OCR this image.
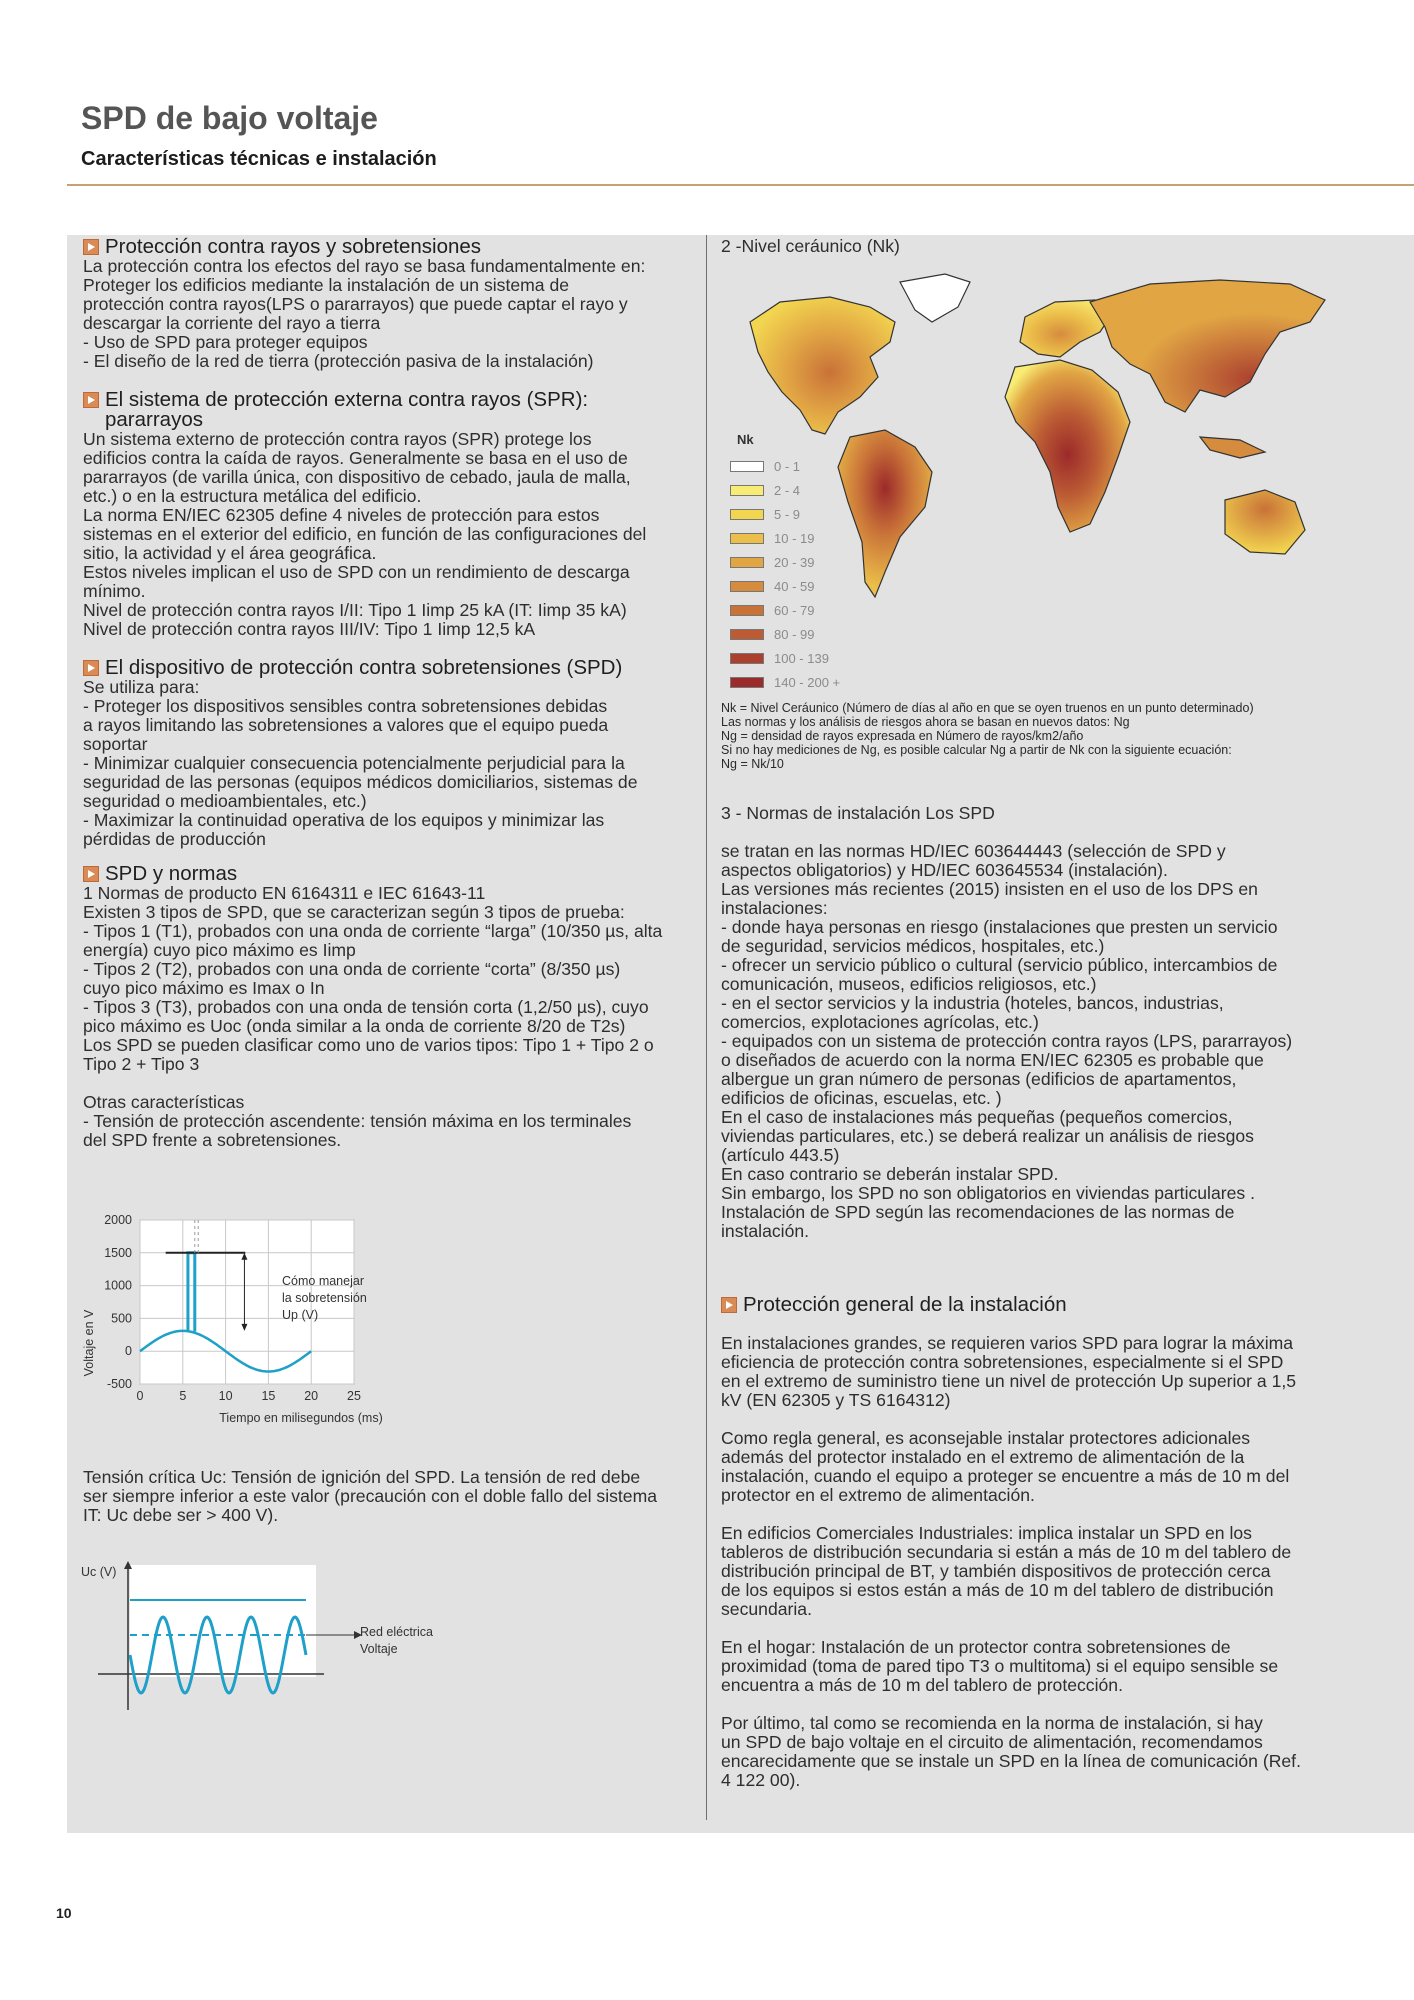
SPD de bajo voltaje
Características técnicas e instalación
Protección contra rayos y sobretensiones
La protección contra los efectos del rayo se basa fundamentalmente en:
Proteger los edificios mediante la instalación de un sistema de
protección contra rayos(LPS o pararrayos) que puede captar el rayo y
descargar la corriente del rayo a tierra
- Uso de SPD para proteger equipos
- El diseño de la red de tierra (protección pasiva de la instalación)
El sistema de protección externa contra rayos (SPR):
pararrayos
Un sistema externo de protección contra rayos (SPR) protege los
edificios contra la caída de rayos. Generalmente se basa en el uso de
pararrayos (de varilla única, con dispositivo de cebado, jaula de malla,
etc.) o en la estructura metálica del edificio.
La norma EN/IEC 62305 define 4 niveles de protección para estos
sistemas en el exterior del edificio, en función de las configuraciones del
sitio, la actividad y el área geográfica.
Estos niveles implican el uso de SPD con un rendimiento de descarga
mínimo.
Nivel de protección contra rayos I/II: Tipo 1 Iimp 25 kA (IT: Iimp 35 kA)
Nivel de protección contra rayos III/IV: Tipo 1 Iimp 12,5 kA
El dispositivo de protección contra sobretensiones (SPD)
Se utiliza para:
- Proteger los dispositivos sensibles contra sobretensiones debidas
a rayos limitando las sobretensiones a valores que el equipo pueda
soportar
- Minimizar cualquier consecuencia potencialmente perjudicial para la
seguridad de las personas (equipos médicos domiciliarios, sistemas de
seguridad o medioambientales, etc.)
- Maximizar la continuidad operativa de los equipos y minimizar las
pérdidas de producción
SPD y normas
1 Normas de producto EN 6164311 e IEC 61643-11
Existen 3 tipos de SPD, que se caracterizan según 3 tipos de prueba:
- Tipos 1 (T1), probados con una onda de corriente “larga” (10/350 µs, alta
energía) cuyo pico máximo es Iimp
- Tipos 2 (T2), probados con una onda de corriente “corta” (8/350 µs)
cuyo pico máximo es Imax o In
- Tipos 3 (T3), probados con una onda de tensión corta (1,2/50 µs), cuyo
pico máximo es Uoc (onda similar a la onda de corriente 8/20 de T2s)
Los SPD se pueden clasificar como uno de varios tipos: Tipo 1 + Tipo 2 o
Tipo 2 + Tipo 3
Otras características
- Tensión de protección ascendente: tensión máxima en los terminales
del SPD frente a sobretensiones.
0	5	10 15 20 25
2000
1500
1000
500
0
-500
Voltaje en V
Tiempo en milisegundos (ms)
Cómo manejar la sobretensión Up (V)
Tensión crítica Uc: Tensión de ignición del SPD. La tensión de red debe
ser siempre inferior a este valor (precaución con el doble fallo del sistema
IT: Uc debe ser > 400 V).
Uc (V)
Red eléctrica Voltaje
2 -Nivel ceráunico (Nk)
Nk
0 - 1
2 - 4
5 - 9
10 - 19
20 - 39
40 - 59
60 - 79
80 - 99
100 - 139
140 - 200 +
Nk = Nivel Ceráunico (Número de días al año en que se oyen truenos en un punto determinado)
Las normas y los análisis de riesgos ahora se basan en nuevos datos: Ng
Ng = densidad de rayos expresada en Número de rayos/km2/año
Si no hay mediciones de Ng, es posible calcular Ng a partir de Nk con la siguiente ecuación:
Ng = Nk/10
3 - Normas de instalación Los SPD
se tratan en las normas HD/IEC 603644443 (selección de SPD y
aspectos obligatorios) y HD/IEC 603645534 (instalación).
Las versiones más recientes (2015) insisten en el uso de los DPS en
instalaciones:
- donde haya personas en riesgo (instalaciones que presten un servicio
de seguridad, servicios médicos, hospitales, etc.)
- ofrecer un servicio público o cultural (servicio público, intercambios de
comunicación, museos, edificios religiosos, etc.)
- en el sector servicios y la industria (hoteles, bancos, industrias,
comercios, explotaciones agrícolas, etc.)
- equipados con un sistema de protección contra rayos (LPS, pararrayos)
o diseñados de acuerdo con la norma EN/IEC 62305 es probable que
albergue un gran número de personas (edificios de apartamentos,
edificios de oficinas, escuelas, etc. )
En el caso de instalaciones más pequeñas (pequeños comercios,
viviendas particulares, etc.) se deberá realizar un análisis de riesgos
(artículo 443.5)
En caso contrario se deberán instalar SPD.
Sin embargo, los SPD no son obligatorios en viviendas particulares .
Instalación de SPD según las recomendaciones de las normas de
instalación.
Protección general de la instalación
En instalaciones grandes, se requieren varios SPD para lograr la máxima
eficiencia de protección contra sobretensiones, especialmente si el SPD
en el extremo de suministro tiene un nivel de protección Up superior a 1,5
kV (EN 62305 y TS 6164312)
Como regla general, es aconsejable instalar protectores adicionales
además del protector instalado en el extremo de alimentación de la
instalación, cuando el equipo a proteger se encuentre a más de 10 m del
protector en el extremo de alimentación.
En edificios Comerciales Industriales: implica instalar un SPD en los
tableros de distribución secundaria si están a más de 10 m del tablero de
distribución principal de BT, y también dispositivos de protección cerca
de los equipos si estos están a más de 10 m del tablero de distribución
secundaria.
En el hogar: Instalación de un protector contra sobretensiones de
proximidad (toma de pared tipo T3 o multitoma) si el equipo sensible se
encuentra a más de 10 m del tablero de protección.
Por último, tal como se recomienda en la norma de instalación, si hay
un SPD de bajo voltaje en el circuito de alimentación, recomendamos
encarecidamente que se instale un SPD en la línea de comunicación (Ref.
4 122 00).
10
